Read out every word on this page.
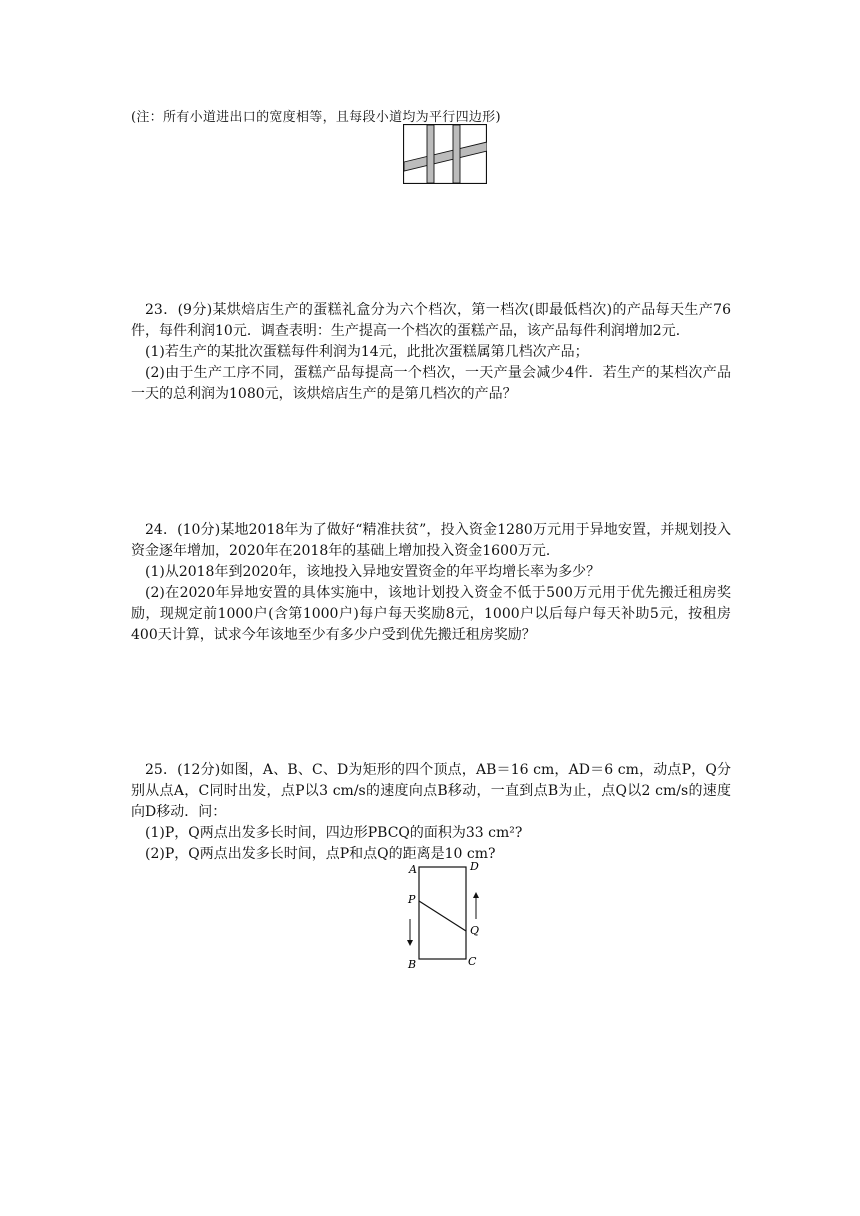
(注：所有小道进出口的宽度相等，且每段小道均为平行四边形)

23．(9分)某烘焙店生产的蛋糕礼盒分为六个档次，第一档次(即最低档次)的产品每天生产76件，每件利润10元．调查表明：生产提高一个档次的蛋糕产品，该产品每件利润增加2元．

(1)若生产的某批次蛋糕每件利润为14元，此批次蛋糕属第几档次产品；

(2)由于生产工序不同，蛋糕产品每提高一个档次，一天产量会减少4件．若生产的某档次产品一天的总利润为1080元，该烘焙店生产的是第几档次的产品？

24．(10分)某地2018年为了做好“精准扶贫”，投入资金1280万元用于异地安置，并规划投入资金逐年增加，2020年在2018年的基础上增加投入资金1600万元．

(1)从2018年到2020年，该地投入异地安置资金的年平均增长率为多少？

(2)在2020年异地安置的具体实施中，该地计划投入资金不低于500万元用于优先搬迁租房奖励，现规定前1000户(含第1000户)每户每天奖励8元，1000户以后每户每天补助5元，按租房400天计算，试求今年该地至少有多少户受到优先搬迁租房奖励？

25．(12分)如图，A、B、C、D为矩形的四个顶点，AB＝16 cm，AD＝6 cm，动点P，Q分别从点A，C同时出发，点P以3 cm/s的速度向点B移动，一直到点B为止，点Q以2 cm/s的速度向D移动．问：

(1)P，Q两点出发多长时间，四边形PBCQ的面积为33 cm²?

(2)P，Q两点出发多长时间，点P和点Q的距离是10 cm?

A	D
P
Q
B	C
